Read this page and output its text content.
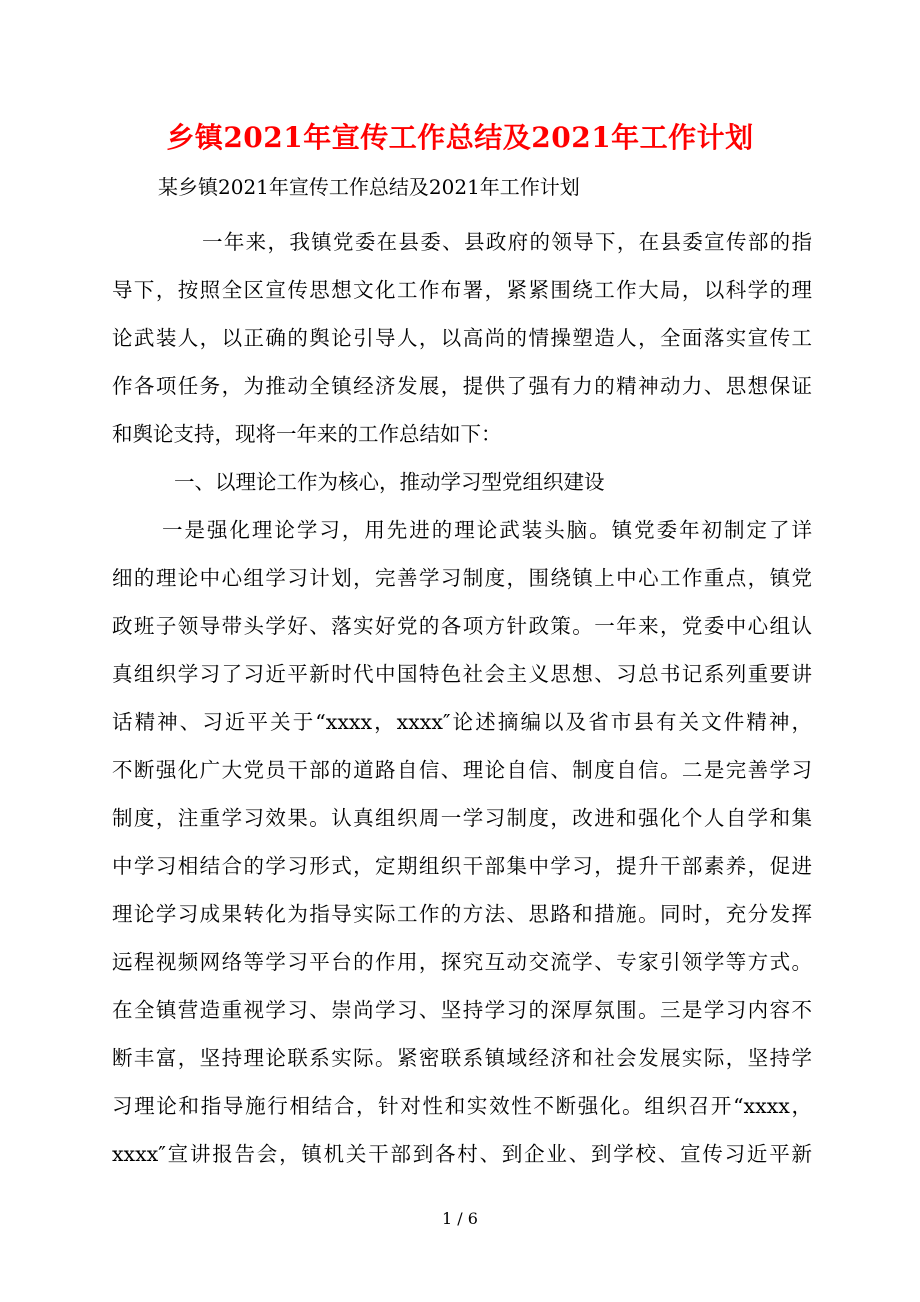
乡镇2021年宣传工作总结及2021年工作计划
某乡镇2021年宣传工作总结及2021年工作计划
一年来，我镇党委在县委、县政府的领导下，在县委宣传部的指
导下，按照全区宣传思想文化工作布署，紧紧围绕工作大局，以科学的理
论武装人，以正确的舆论引导人，以高尚的情操塑造人，全面落实宣传工
作各项任务，为推动全镇经济发展，提供了强有力的精神动力、思想保证
和舆论支持，现将一年来的工作总结如下：
一、以理论工作为核心，推动学习型党组织建设
一是强化理论学习，用先进的理论武装头脑。镇党委年初制定了详
细的理论中心组学习计划，完善学习制度，围绕镇上中心工作重点，镇党
政班子领导带头学好、落实好党的各项方针政策。一年来，党委中心组认
真组织学习了习近平新时代中国特色社会主义思想、习总书记系列重要讲
话精神、习近平关于“xxxx，xxxx″论述摘编以及省市县有关文件精神，
不断强化广大党员干部的道路自信、理论自信、制度自信。二是完善学习
制度，注重学习效果。认真组织周一学习制度，改进和强化个人自学和集
中学习相结合的学习形式，定期组织干部集中学习，提升干部素养，促进
理论学习成果转化为指导实际工作的方法、思路和措施。同时，充分发挥
远程视频网络等学习平台的作用，探究互动交流学、专家引领学等方式。
在全镇营造重视学习、崇尚学习、坚持学习的深厚氛围。三是学习内容不
断丰富，坚持理论联系实际。紧密联系镇域经济和社会发展实际，坚持学
习理论和指导施行相结合，针对性和实效性不断强化。组织召开“xxxx，
xxxx″宣讲报告会，镇机关干部到各村、到企业、到学校、宣传习近平新
1 / 6
